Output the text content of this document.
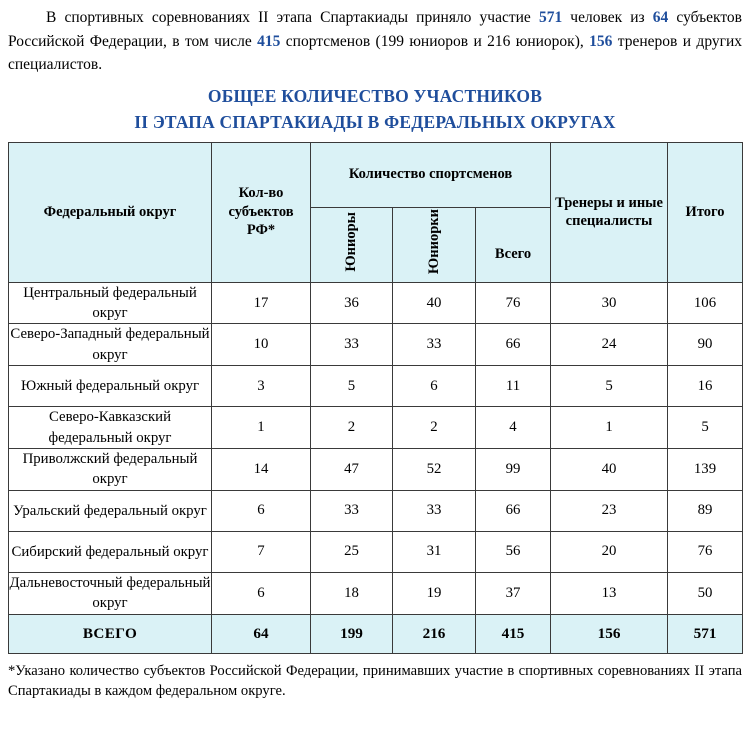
В спортивных соревнованиях II этапа Спартакиады приняло участие 571 человек из 64 субъектов Российской Федерации, в том числе 415 спортсменов (199 юниоров и 216 юниорок), 156 тренеров и других специалистов.

ОБЩЕЕ КОЛИЧЕСТВО УЧАСТНИКОВ
II ЭТАПА СПАРТАКИАДЫ В ФЕДЕРАЛЬНЫХ ОКРУГАХ
Федеральный округ	Кол-во субъектов РФ*	Количество спортсменов			Тренеры и иные специалисты	Итого
		Юниоры	Юниорки	Всего		
Центральный федеральный округ	17	36	40	76	30	106
Северо-Западный федеральный округ	10	33	33	66	24	90
Южный федеральный округ	3	5	6	11	5	16
Северо-Кавказский федеральный округ	1	2	2	4	1	5
Приволжский федеральный округ	14	47	52	99	40	139
Уральский федеральный округ	6	33	33	66	23	89
Сибирский федеральный округ	7	25	31	56	20	76
Дальневосточный федеральный округ	6	18	19	37	13	50
ВСЕГО	64	199	216	415	156	571

*Указано количество субъектов Российской Федерации, принимавших участие в спортивных соревнованиях II этапа Спартакиады в каждом федеральном округе.
